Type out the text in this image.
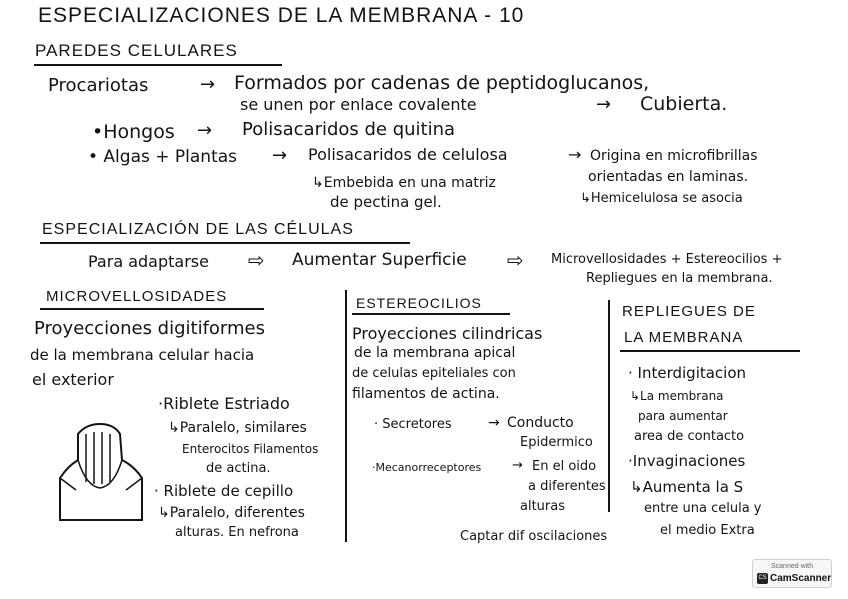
ESPECIALIZACIONES DE LA MEMBRANA - 10
PAREDES CELULARES
Procariotas	→ Formados por cadenas de peptidoglucanos,
se unen por enlace covalente	→ Cubierta.
•Hongos → Polisacaridos de quitina
• Algas + Plantas → Polisacaridos de celulosa	→ Origina en microfibrillas
orientadas en laminas.
↳Embebida en una matriz
de pectina gel.	↳Hemicelulosa se asocia
ESPECIALIZACIÓN DE LAS CÉLULAS
Para adaptarse ⇨ Aumentar Superficie ⇨ Microvellosidades + Estereocilios +
Repliegues en la membrana.
MICROVELLOSIDADES
Proyecciones digitiformes
de la membrana celular hacia
el exterior
·Riblete Estriado
↳Paralelo, similares
Enterocitos Filamentos
de actina.
· Riblete de cepillo
↳Paralelo, diferentes
alturas. En nefrona
ESTEREOCILIOS
Proyecciones cilindricas
de la membrana apical
de celulas epiteliales con
filamentos de actina.
· Secretores	→ Conducto
Epidermico
·Mecanorreceptores → En el oido
a diferentes
alturas
Captar dif oscilaciones
REPLIEGUES DE
LA MEMBRANA
· Interdigitacion
↳La membrana
para aumentar
area de contacto
·Invaginaciones
↳Aumenta la S
entre una celula y
el medio Extra
Scanned with
CS CamScanner
